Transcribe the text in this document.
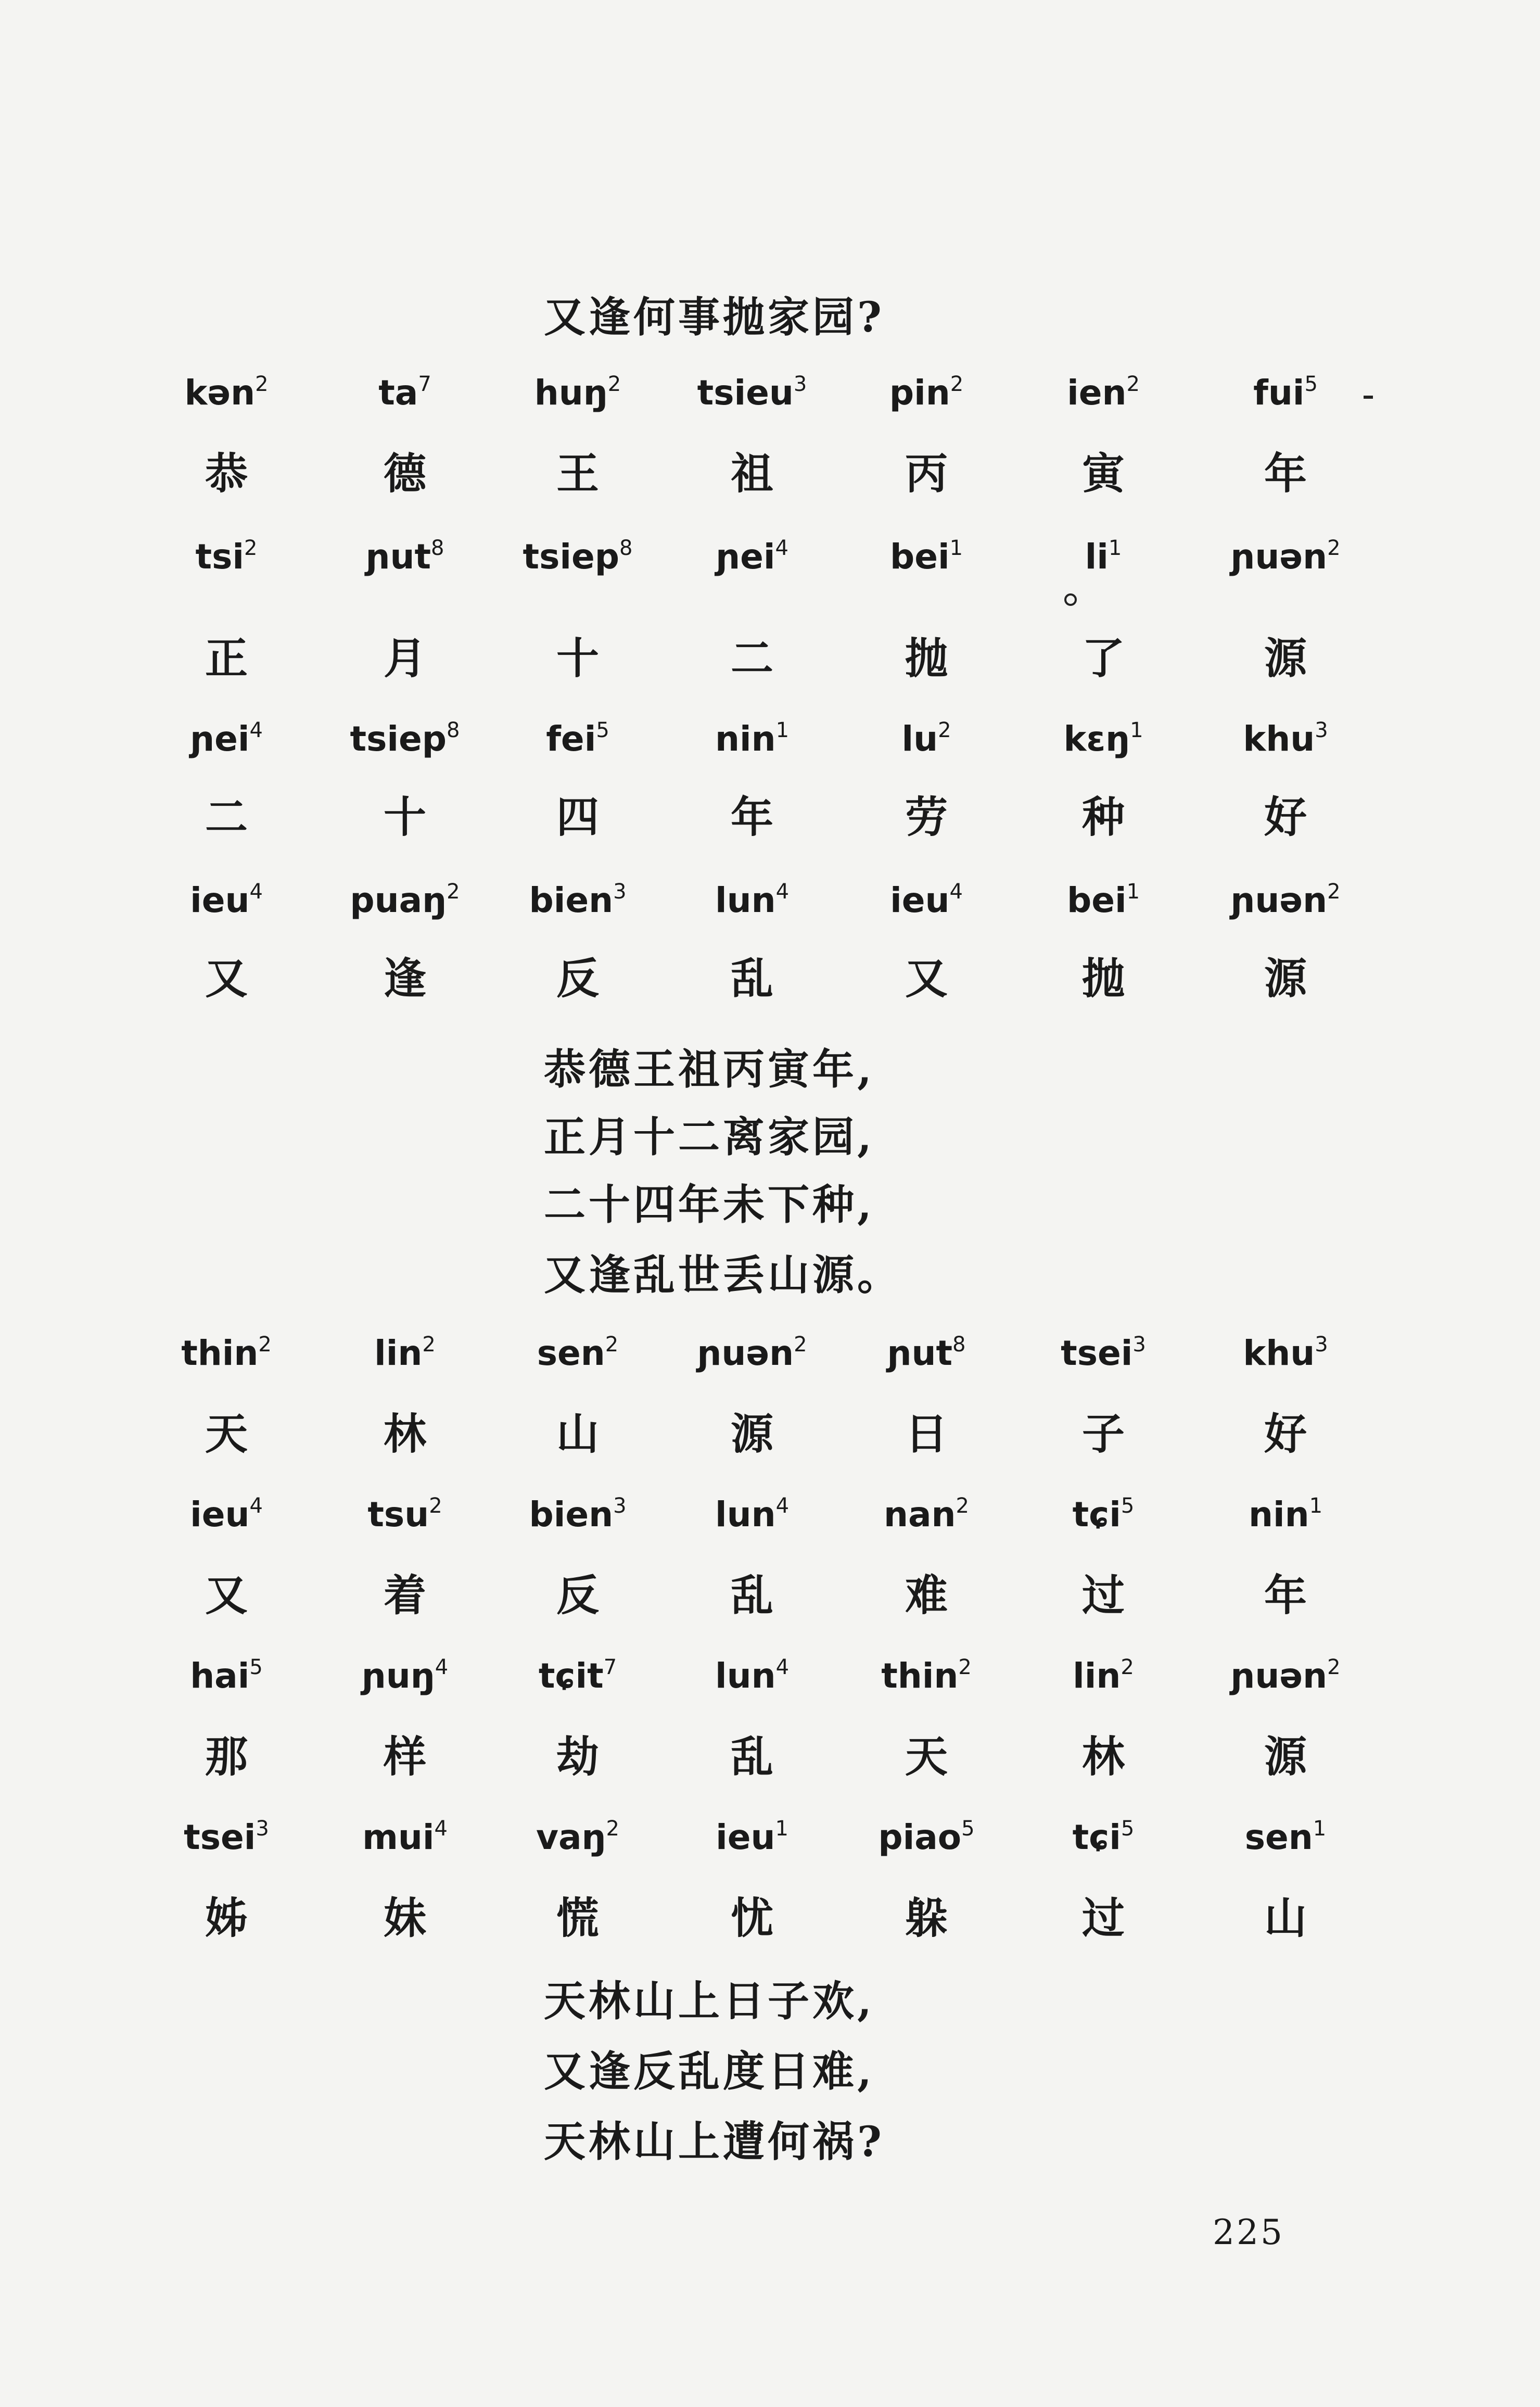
又逢何事抛家园?
kən$^2$	$ta^7$	huŋ$^2$	tsieu$^3$	pin$^2$	ien$^2$	fui$^5$
恭	德	王	祖	丙	寅	年
tsi$^2$	ɲut$^8$	tsiep$^8$	ɲei$^4$	bei$^1$	$li^1$	ɲuən$^2$
正	月	十	二	抛	了	源
ɲei$^4$	tsiep$^8$	fei$^5$	nin$^1$	$lu^2$	kɛŋ$^1$	khu$^3$
二	十	四	年	劳	种	好
ieu$^4$	puaŋ$^2$	bien$^3$	lun$^4$	ieu$^4$	bei$^1$	ɲuən$^2$
又	逢	反	乱	又	抛	源
恭德王祖丙寅年,
正月十二离家园,
二十四年未下种,
又逢乱世丢山源。
thin$^2$	lin$^2$	sen$^2$	ɲuən$^2$	ɲut$^8$	tsei$^3$	khu$^3$
天	林	山	源	日	子	好
ieu$^4$	tsu$^2$	bien$^3$	lun$^4$	nan$^2$	tɕi$^5$	nin$^1$
又	着	反	乱	难	过	年
hai$^5$	ɲuŋ$^4$	tɕit$^7$	lun$^4$	thin$^2$	lin$^2$	ɲuən$^2$
那	样	劫	乱	天	林	源
tsei$^3$	mui$^4$	vaŋ$^2$	ieu$^1$	piao$^5$	tɕi$^5$	sen$^1$
姊	妹	慌	忧	躲	过	山
天林山上日子欢,
又逢反乱度日难,
天林山上遭何祸?
225
